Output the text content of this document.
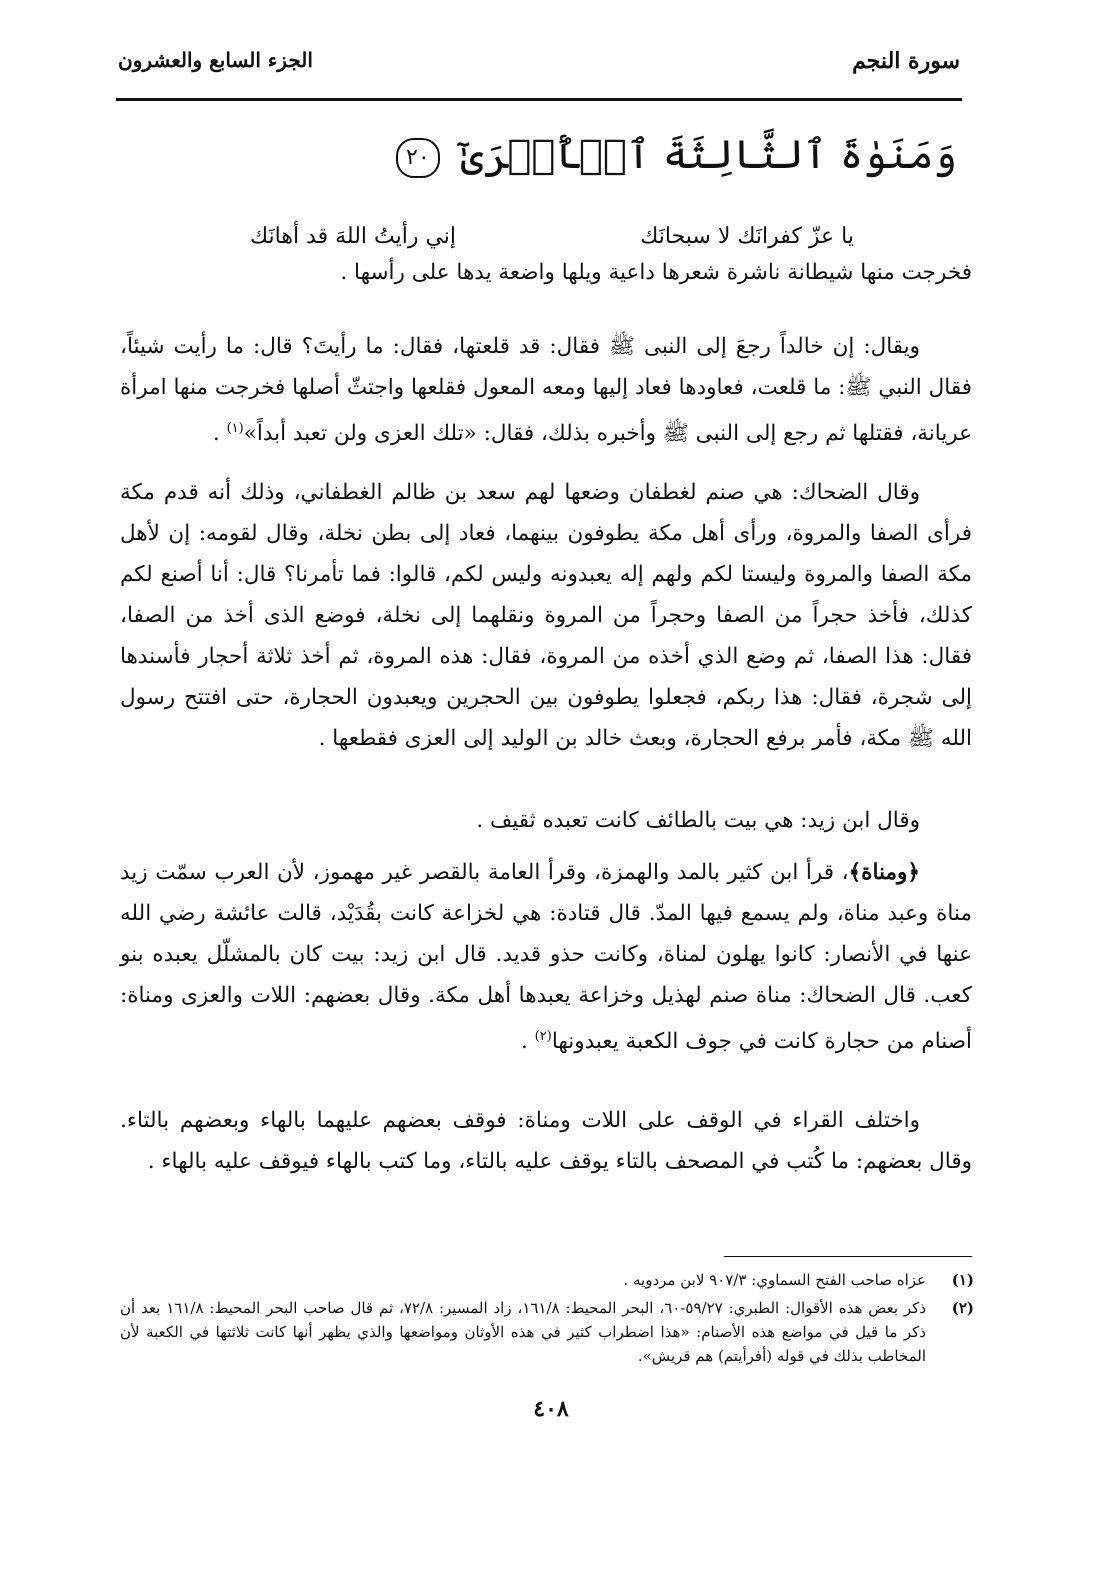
سورة النجم
الجزء السابع والعشرون
وَمَنَوٰةَ ٱلثَّالِثَةَ ٱلۡأُخۡرَىٰٓ ٢٠
يا عزّ كفرانَك لا سبحانَك
إني رأيتُ اللهَ قد أهانَك

فخرجت منها شيطانة ناشرة شعرها داعية ويلها واضعة يدها على رأسها .

ويقال: إن خالداً رجعَ إلى النبى ﷺ فقال: قد قلعتها، فقال: ما رأيتَ؟ قال: ما رأيت شيئاً، فقال النبي ﷺ: ما قلعت، فعاودها فعاد إليها ومعه المعول فقلعها واجتثّ أصلها فخرجت منها امرأة عريانة، فقتلها ثم رجع إلى النبى ﷺ وأخبره بذلك، فقال: «تلك العزى ولن تعبد أبداً»$^{(١)}$ .

وقال الضحاك: هي صنم لغطفان وضعها لهم سعد بن ظالم الغطفاني، وذلك أنه قدم مكة فرأى الصفا والمروة، ورأى أهل مكة يطوفون بينهما، فعاد إلى بطن نخلة، وقال لقومه: إن لأهل مكة الصفا والمروة وليستا لكم ولهم إله يعبدونه وليس لكم، قالوا: فما تأمرنا؟ قال: أنا أصنع لكم كذلك، فأخذ حجراً من الصفا وحجراً من المروة ونقلهما إلى نخلة، فوضع الذى أخذ من الصفا، فقال: هذا الصفا، ثم وضع الذي أخذه من المروة، فقال: هذه المروة، ثم أخذ ثلاثة أحجار فأسندها إلى شجرة، فقال: هذا ربكم، فجعلوا يطوفون بين الحجرين ويعبدون الحجارة، حتى افتتح رسول الله ﷺ مكة، فأمر برفع الحجارة، وبعث خالد بن الوليد إلى العزى فقطعها .

وقال ابن زيد: هي بيت بالطائف كانت تعبده ثقيف .

﴿ومناة﴾، قرأ ابن كثير بالمد والهمزة، وقرأ العامة بالقصر غير مهموز، لأن العرب سمّت زيد مناة وعبد مناة، ولم يسمع فيها المدّ. قال قتادة: هي لخزاعة كانت بقُدَيْد، قالت عائشة رضي الله عنها في الأنصار: كانوا يهلون لمناة، وكانت حذو قديد. قال ابن زيد: بيت كان بالمشلّل يعبده بنو كعب. قال الضحاك: مناة صنم لهذيل وخزاعة يعبدها أهل مكة. وقال بعضهم: اللات والعزى ومناة: أصنام من حجارة كانت في جوف الكعبة يعبدونها$^{(٢)}$ .

واختلف القراء في الوقف على اللات ومناة: فوقف بعضهم عليهما بالهاء وبعضهم بالتاء. وقال بعضهم: ما كُتب في المصحف بالتاء يوقف عليه بالتاء، وما كتب بالهاء فيوقف عليه بالهاء .

(١)
عزاه صاحب الفتح السماوي: ٩٠٧/٣ لابن مردويه .
(٢)
ذكر بعض هذه الأقوال: الطبري: ٥٩/٢٧-٦٠، البحر المحيط: ١٦١/٨، زاد المسير: ٧٢/٨، ثم قال صاحب البحر المحيط: ١٦١/٨ بعد أن ذكر ما قيل في مواضع هذه الأصنام: «هذا اضطراب كثير في هذه الأوثان ومواضعها والذي يظهر أنها كانت ثلاثتها في الكعبة لأن المخاطب بذلك في قوله (أفرأيتم) هم قريش».
٤٠٨
